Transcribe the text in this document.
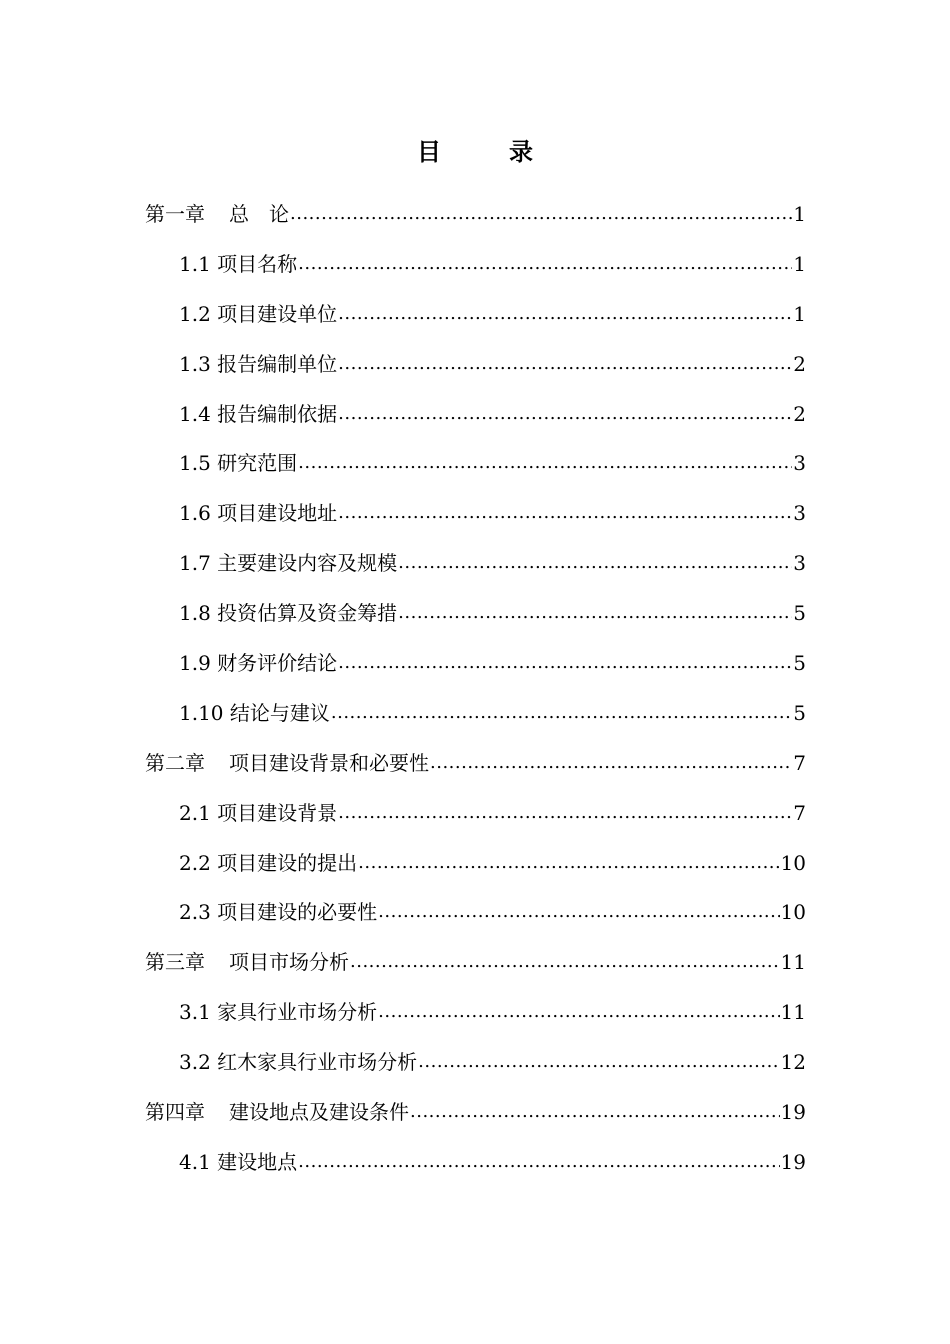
目　录
第一章 总　论 .....	1
1.1 项目名称 .....	1
1.2 项目建设单位 .....	1
1.3 报告编制单位 .....	2
1.4 报告编制依据 .....	2
1.5 研究范围 .....	3
1.6 项目建设地址 .....	3
1.7 主要建设内容及规模 .....	3
1.8 投资估算及资金筹措 .....	5
1.9 财务评价结论 .....	5
1.10 结论与建议 .....	5
第二章 项目建设背景和必要性 .....	7
2.1 项目建设背景 .....	7
2.2 项目建设的提出 .....	10
2.3 项目建设的必要性 .....	10
第三章 项目市场分析 .....	11
3.1 家具行业市场分析 .....	11
3.2 红木家具行业市场分析 .....	12
第四章 建设地点及建设条件 .....	19
4.1 建设地点 .....	19
